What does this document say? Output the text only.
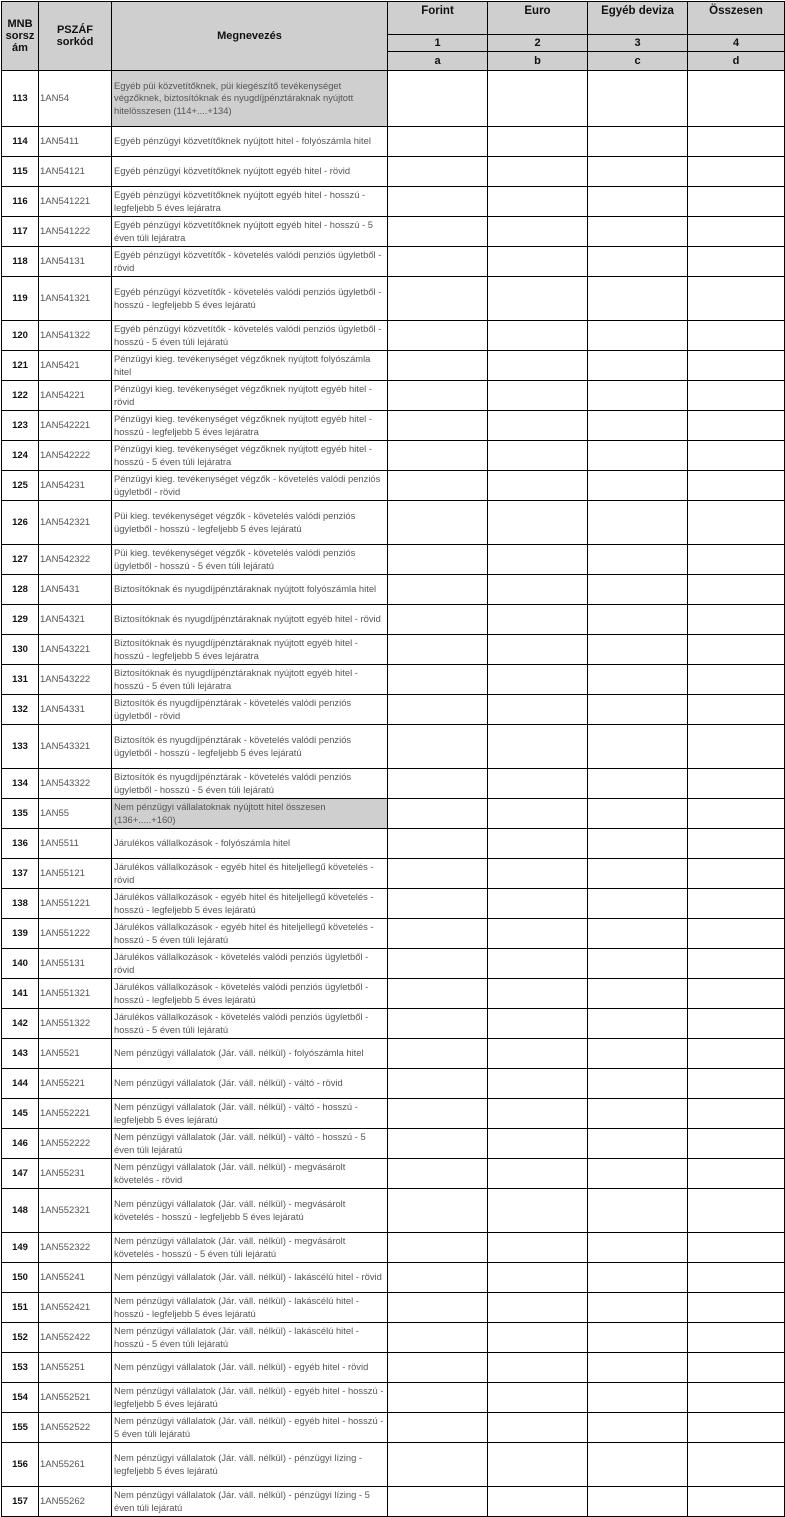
MNB sorsz ám	PSZÁF sorkód	Megnevezés	Forint	Euro	Egyéb deviza	Összesen
			1	2	3	4
			a	b	c	d
113	1AN54	Egyéb püi közvetítőknek, püi kiegészítő tevékenységet végzőknek, biztosítóknak és nyugdíjpénztáraknak nyújtott hitelösszesen (114+....+134)				
114	1AN5411	Egyéb pénzügyi közvetítőknek nyújtott hitel - folyószámla hitel				
115	1AN54121	Egyéb pénzügyi közvetítőknek nyújtott egyéb hitel - rövid				
116	1AN541221	Egyéb pénzügyi közvetítőknek nyújtott egyéb hitel - hosszú - legfeljebb 5 éves lejáratra				
117	1AN541222	Egyéb pénzügyi közvetítőknek nyújtott egyéb hitel - hosszú - 5 éven túli lejáratra				
118	1AN54131	Egyéb pénzügyi közvetítők - követelés valódi penziós ügyletből - rövid				
119	1AN541321	Egyéb pénzügyi közvetítők - követelés valódi penziós ügyletből - hosszú - legfeljebb 5 éves lejáratú				
120	1AN541322	Egyéb pénzügyi közvetítők - követelés valódi penziós ügyletből - hosszú - 5 éven túli lejáratú				
121	1AN5421	Pénzügyi kieg. tevékenységet végzőknek nyújtott folyószámla hitel				
122	1AN54221	Pénzügyi kieg. tevékenységet végzőknek nyújtott egyéb hitel - rövid				
123	1AN542221	Pénzügyi kieg. tevékenységet végzőknek nyújtott egyéb hitel - hosszú - legfeljebb 5 éves lejáratra				
124	1AN542222	Pénzügyi kieg. tevékenységet végzőknek nyújtott egyéb hitel - hosszú - 5 éven túli lejáratra				
125	1AN54231	Pénzügyi kieg. tevékenységet végzők - követelés valódi penziós ügyletből - rövid				
126	1AN542321	Püi kieg. tevékenységet végzők - követelés valódi penziós ügyletből - hosszú - legfeljebb 5 éves lejáratú				
127	1AN542322	Püi kieg. tevékenységet végzők - követelés valódi penziós ügyletből - hosszú - 5 éven túli lejáratú				
128	1AN5431	Biztosítóknak és nyugdíjpénztáraknak nyújtott folyószámla hitel				
129	1AN54321	Biztosítóknak és nyugdíjpénztáraknak nyújtott egyéb hitel - rövid				
130	1AN543221	Biztosítóknak és nyugdíjpénztáraknak nyújtott egyéb hitel - hosszú - legfeljebb 5 éves lejáratra				
131	1AN543222	Biztosítóknak és nyugdíjpénztáraknak nyújtott egyéb hitel - hosszú - 5 éven túli lejáratra				
132	1AN54331	Biztosítók és nyugdíjpénztárak - követelés valódi penziós ügyletből - rövid				
133	1AN543321	Biztosítók és nyugdíjpénztárak - követelés valódi penziós ügyletből - hosszú - legfeljebb 5 éves lejáratú				
134	1AN543322	Biztosítók és nyugdíjpénztárak - követelés valódi penziós ügyletből - hosszú - 5 éven túli lejáratú				
135	1AN55	Nem pénzügyi vállalatoknak nyújtott hitel összesen (136+.....+160)				
136	1AN5511	Járulékos vállalkozások - folyószámla hitel				
137	1AN55121	Járulékos vállalkozások - egyéb hitel és hiteljellegű követelés - rövid				
138	1AN551221	Járulékos vállalkozások - egyéb hitel és hiteljellegű követelés - hosszú - legfeljebb 5 éves lejáratú				
139	1AN551222	Járulékos vállalkozások - egyéb hitel és hiteljellegű követelés - hosszú - 5 éven túli lejáratú				
140	1AN55131	Járulékos vállalkozások - követelés valódi penziós ügyletből - rövid				
141	1AN551321	Járulékos vállalkozások - követelés valódi penziós ügyletből - hosszú - legfeljebb 5 éves lejáratú				
142	1AN551322	Járulékos vállalkozások - követelés valódi penziós ügyletből - hosszú - 5 éven túli lejáratú				
143	1AN5521	Nem pénzügyi vállalatok (Jár. váll. nélkül) - folyószámla hitel				
144	1AN55221	Nem pénzügyi vállalatok (Jár. váll. nélkül) - váltó - rövid				
145	1AN552221	Nem pénzügyi vállalatok (Jár. váll. nélkül) - váltó - hosszú - legfeljebb 5 éves lejáratú				
146	1AN552222	Nem pénzügyi vállalatok (Jár. váll. nélkül) - váltó - hosszú - 5 éven túli lejáratú				
147	1AN55231	Nem pénzügyi vállalatok (Jár. váll. nélkül) - megvásárolt követelés - rövid				
148	1AN552321	Nem pénzügyi vállalatok (Jár. váll. nélkül) - megvásárolt követelés - hosszú - legfeljebb 5 éves lejáratú				
149	1AN552322	Nem pénzügyi vállalatok (Jár. váll. nélkül) - megvásárolt követelés - hosszú - 5 éven túli lejáratú				
150	1AN55241	Nem pénzügyi vállalatok (Jár. váll. nélkül) - lakáscélú hitel - rövid				
151	1AN552421	Nem pénzügyi vállalatok (Jár. váll. nélkül) - lakáscélú hitel - hosszú - legfeljebb 5 éves lejáratú				
152	1AN552422	Nem pénzügyi vállalatok (Jár. váll. nélkül) - lakáscélú hitel - hosszú - 5 éven túli lejáratú				
153	1AN55251	Nem pénzügyi vállalatok (Jár. váll. nélkül) - egyéb hitel - rövid				
154	1AN552521	Nem pénzügyi vállalatok (Jár. váll. nélkül) - egyéb hitel - hosszú - legfeljebb 5 éves lejáratú				
155	1AN552522	Nem pénzügyi vállalatok (Jár. váll. nélkül) - egyéb hitel - hosszú - 5 éven túli lejáratú				
156	1AN55261	Nem pénzügyi vállalatok (Jár. váll. nélkül) - pénzügyi lízing - legfeljebb 5 éves lejáratú				
157	1AN55262	Nem pénzügyi vállalatok (Jár. váll. nélkül) - pénzügyi lízing - 5 éven túli lejáratú				
